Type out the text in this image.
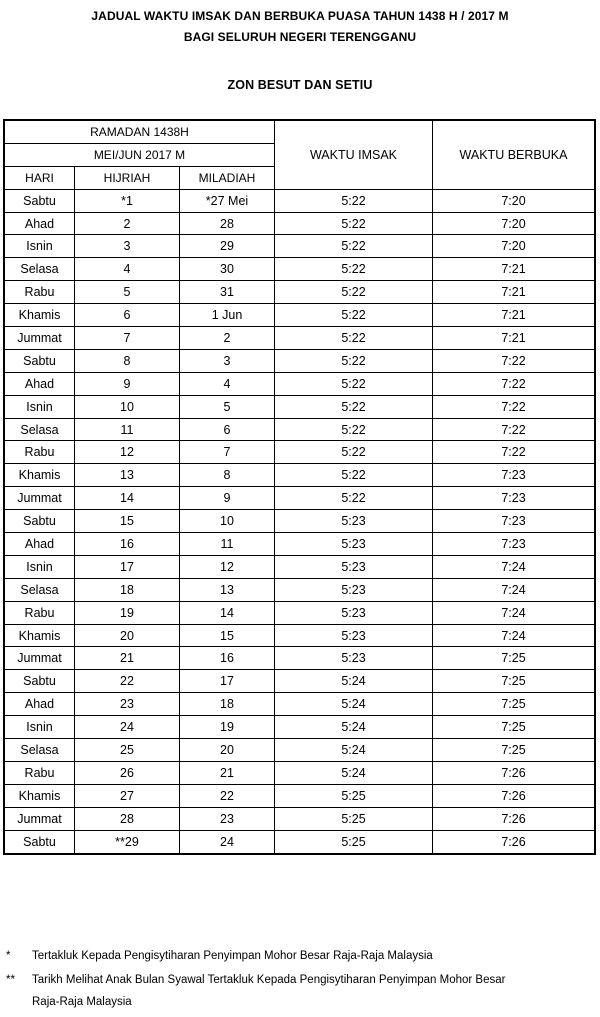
JADUAL WAKTU IMSAK DAN BERBUKA PUASA TAHUN 1438 H / 2017 M
BAGI SELURUH NEGERI TERENGGANU
ZON BESUT DAN SETIU
RAMADAN 1438H			WAKTU IMSAK	WAKTU BERBUKA
MEI/JUN 2017 M				
HARI	HIJRIAH	MILADIAH		
Sabtu	*1	*27 Mei	5:22	7:20
Ahad	2	28	5:22	7:20
Isnin	3	29	5:22	7:20
Selasa	4	30	5:22	7:21
Rabu	5	31	5:22	7:21
Khamis	6	1 Jun	5:22	7:21
Jummat	7	2	5:22	7:21
Sabtu	8	3	5:22	7:22
Ahad	9	4	5:22	7:22
Isnin	10	5	5:22	7:22
Selasa	11	6	5:22	7:22
Rabu	12	7	5:22	7:22
Khamis	13	8	5:22	7:23
Jummat	14	9	5:22	7:23
Sabtu	15	10	5:23	7:23
Ahad	16	11	5:23	7:23
Isnin	17	12	5:23	7:24
Selasa	18	13	5:23	7:24
Rabu	19	14	5:23	7:24
Khamis	20	15	5:23	7:24
Jummat	21	16	5:23	7:25
Sabtu	22	17	5:24	7:25
Ahad	23	18	5:24	7:25
Isnin	24	19	5:24	7:25
Selasa	25	20	5:24	7:25
Rabu	26	21	5:24	7:26
Khamis	27	22	5:25	7:26
Jummat	28	23	5:25	7:26
Sabtu	**29	24	5:25	7:26
* Tertakluk Kepada Pengisytiharan Penyimpan Mohor Besar Raja-Raja Malaysia
** Tarikh Melihat Anak Bulan Syawal Tertakluk Kepada Pengisytiharan Penyimpan Mohor Besar
Raja-Raja Malaysia
